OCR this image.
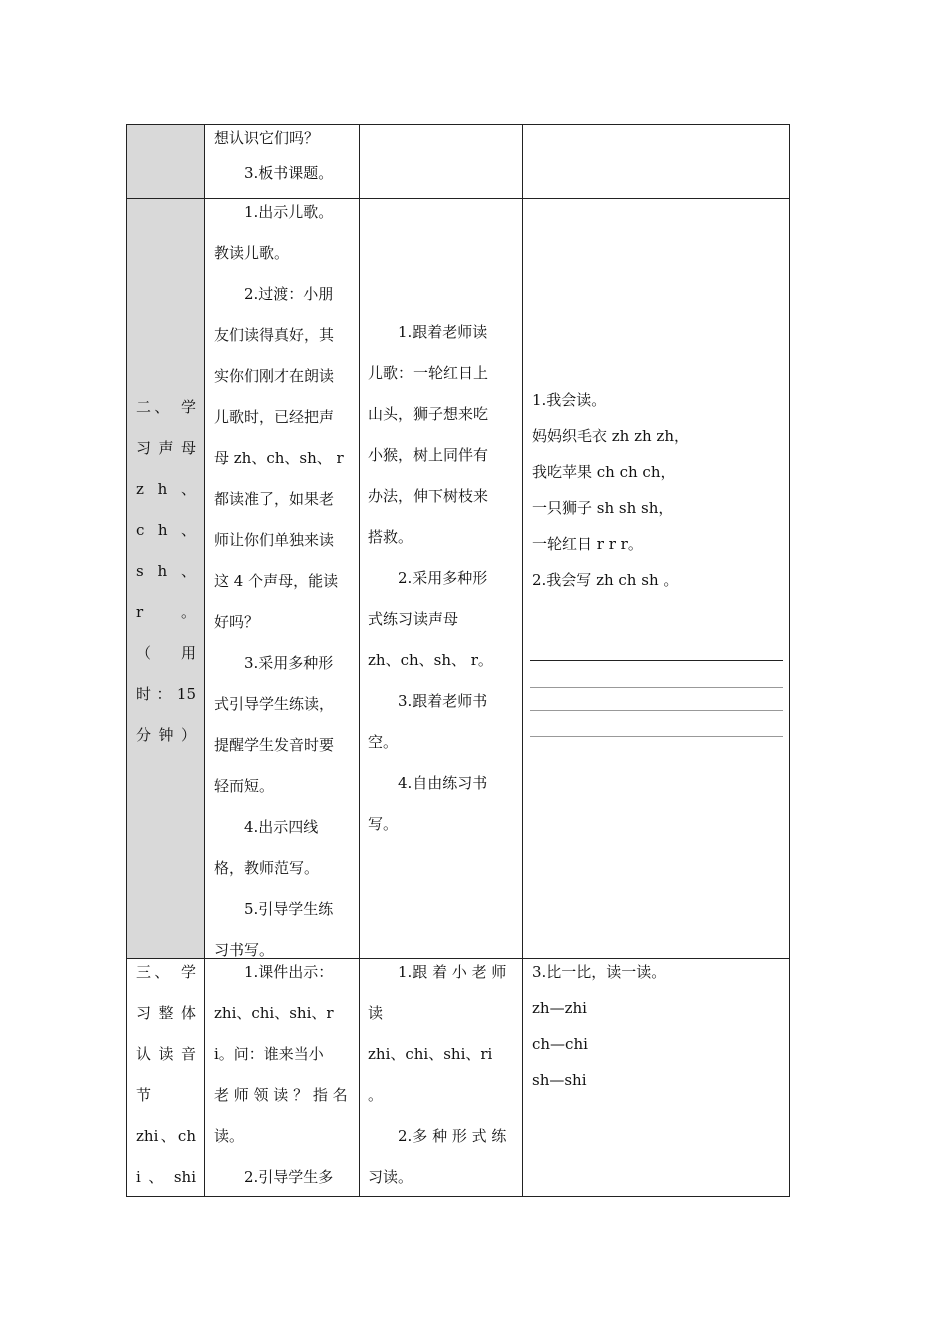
想认识它们吗？

3.板书课题。

二、 学

习 声 母

z h 、

c h 、

s h 、

r 。

（ 用

时 ： 15

分钟）

1.出示儿歌。

教读儿歌。

2.过渡：小朋

友们读得真好，其

实你们刚才在朗读

儿歌时，已经把声

母 zh、ch、sh、 r

都读准了，如果老

师让你们单独来读

这 4 个声母，能读

好吗？

3.采用多种形

式引导学生练读，

提醒学生发音时要

轻而短。

4.出示四线

格，教师范写。

5.引导学生练

习书写。

1.跟着老师读

儿歌：一轮红日上

山头，狮子想来吃

小猴，树上同伴有

办法，伸下树枝来

搭救。

2.采用多种形

式练习读声母

zh、ch、sh、 r。

3.跟着老师书

空。

4.自由练习书

写。

1.我会读。

妈妈织毛衣 zh zh zh，

我吃苹果 ch ch ch，

一只狮子 sh sh sh，

一轮红日 r r r。

2.我会写 zh ch sh 。

三、 学

习 整 体

认 读 音

节

zhi、ch

i 、 shi

1.课件出示：

zhi、chi、shi、r

i。问：谁来当小

老 师 领 读 ？ 指 名

读。

2.引导学生多

1.跟 着 小 老 师

读

zhi、chi、shi、ri

。

2.多 种 形 式 练

习读。

3.比一比，读一读。

zh—zhi

ch—chi

sh—shi
